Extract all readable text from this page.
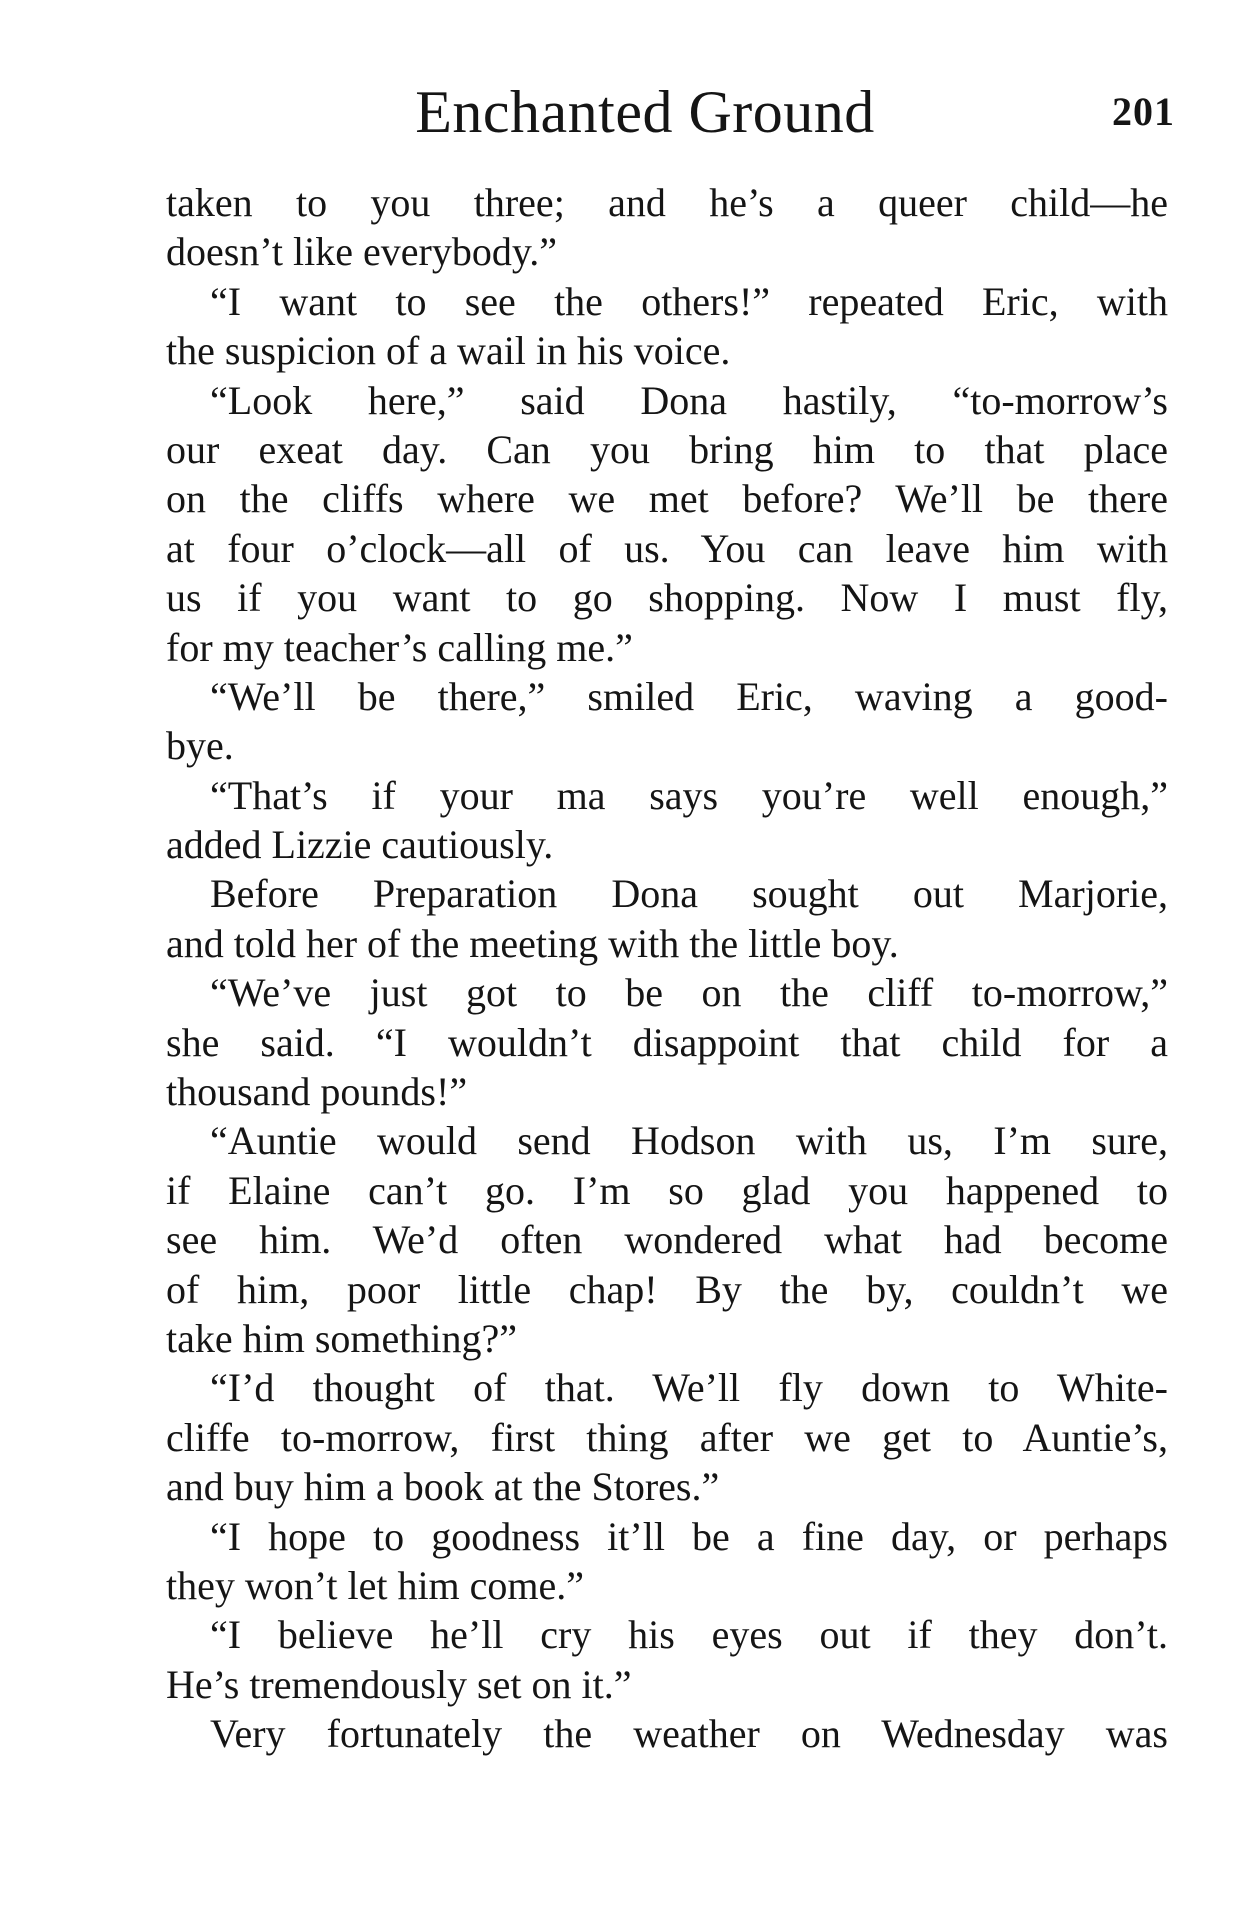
Enchanted Ground	201
taken to you three; and he’s a queer child—he
doesn’t like everybody.”
“I want to see the others!” repeated Eric, with
the suspicion of a wail in his voice.
“Look here,” said Dona hastily, “to-morrow’s
our exeat day. Can you bring him to that place
on the cliffs where we met before? We’ll be there
at four o’clock—all of us. You can leave him with
us if you want to go shopping. Now I must fly,
for my teacher’s calling me.”
“We’ll be there,” smiled Eric, waving a good-
bye.
“That’s if your ma says you’re well enough,”
added Lizzie cautiously.
Before Preparation Dona sought out Marjorie,
and told her of the meeting with the little boy.
“We’ve just got to be on the cliff to-morrow,”
she said. “I wouldn’t disappoint that child for a
thousand pounds!”
“Auntie would send Hodson with us, I’m sure,
if Elaine can’t go. I’m so glad you happened to
see him. We’d often wondered what had become
of him, poor little chap! By the by, couldn’t we
take him something?”
“I’d thought of that. We’ll fly down to White-
cliffe to-morrow, first thing after we get to Auntie’s,
and buy him a book at the Stores.”
“I hope to goodness it’ll be a fine day, or perhaps
they won’t let him come.”
“I believe he’ll cry his eyes out if they don’t.
He’s tremendously set on it.”
Very fortunately the weather on Wednesday was
